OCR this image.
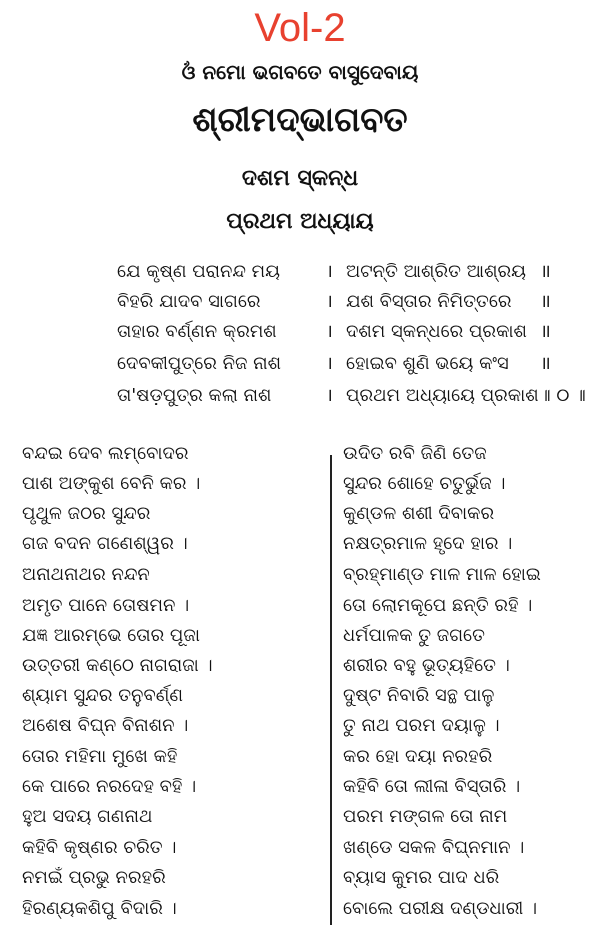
Vol-2
ଓଁ ନମୋ ଭଗବତେ ବାସୁଦେବାୟ
ଶ୍ରୀମଦ୍ଭାଗବତ
ଦଶମ ସ୍କନ୍ଧ
ପ୍ରଥମ ଅଧ୍ୟାୟ
ଯେ କୃଷ୍ଣ ପରାନନ୍ଦ ମୟ	। ଅଟନ୍ତି ଆଶ୍ରିତ ଆଶ୍ରୟ ॥
ବିହରି ଯାଦବ ସାଗରେ	। ଯଶ ବିସ୍ତାର ନିମିତ୍ତରେ ॥
ତାହାର ବର୍ଣ୍ଣନ କ୍ରମଶ	। ଦଶମ ସ୍କନ୍ଧରେ ପ୍ରକାଶ ॥
ଦେବକୀପୁତ୍ରେ ନିଜ ନାଶ । ହୋଇବ ଶୁଣି ଭୟେ କଂସ ॥
ତା'ଷଡ଼ପୁତ୍ର କଲା ନାଶ	। ପ୍ରଥମ ଅଧ୍ୟାୟେ ପ୍ରକାଶ ॥ ୦ ॥
ବନ୍ଦଇ ଦେବ ଲମ୍ବୋଦର
ପାଶ ଅଙ୍କୁଶ ବେନି କର ।
ପୃଥୁଳ ଜଠର ସୁନ୍ଦର
ଗଜ ବଦନ ଗଣେଶ୍ୱର ।
ଅନାଥନାଥର ନନ୍ଦନ
ଅମୃତ ପାନେ ତୋଷମନ ।
ଯଜ୍ଞ ଆରମ୍ଭେ ତୋର ପୂଜା
ଉତ୍ତରୀ କଣ୍ଠେ ନାଗରାଜା ।
ଶ୍ୟାମ ସୁନ୍ଦର ତନୁବର୍ଣ୍ଣ
ଅଶେଷ ବିଘ୍ନ ବିନାଶନ ।
ତୋର ମହିମା ମୁଖେ କହି
କେ ପାରେ ନରଦେହ ବହି ।
ହୁଅ ସଦୟ ଗଣନାଥ
କହିବି କୃଷ୍ଣର ଚରିତ ।
ନମଇଁ ପ୍ରଭୁ ନରହରି
ହିରଣ୍ୟକଶିପୁ ବିଦାରି ।
ଉଦିତ ରବି ଜିଣି ତେଜ
ସୁନ୍ଦର ଶୋହେ ଚତୁର୍ଭୁଜ ।
କୁଣ୍ଡଳ ଶଶୀ ଦିବାକର
ନକ୍ଷତ୍ରମାଳ ହୃଦେ ହାର ।
ବ୍ରହ୍ମାଣ୍ଡ ମାଳ ମାଳ ହୋଇ
ତୋ ଲୋମକୂପେ ଛନ୍ତି ରହି ।
ଧର୍ମପାଳକ ତୁ ଜଗତେ
ଶରୀର ବହୁ ଭୂତ୍ୟହିତେ ।
ଦୁଷ୍ଟ ନିବାରି ସନ୍ଥ ପାଳୁ
ତୁ ନାଥ ପରମ ଦୟାଳୁ ।
କର ହୋ ଦୟା ନରହରି
କହିବି ତୋ ଲୀଳା ବିସ୍ତାରି ।
ପରମ ମଙ୍ଗଳ ତୋ ନାମ
ଖଣ୍ଡେ ସକଳ ବିଘ୍ନମାନ ।
ବ୍ୟାସ କୁମର ପାଦ ଧରି
ବୋଲେ ପରୀକ୍ଷ ଦଣ୍ଡଧାରୀ ।
